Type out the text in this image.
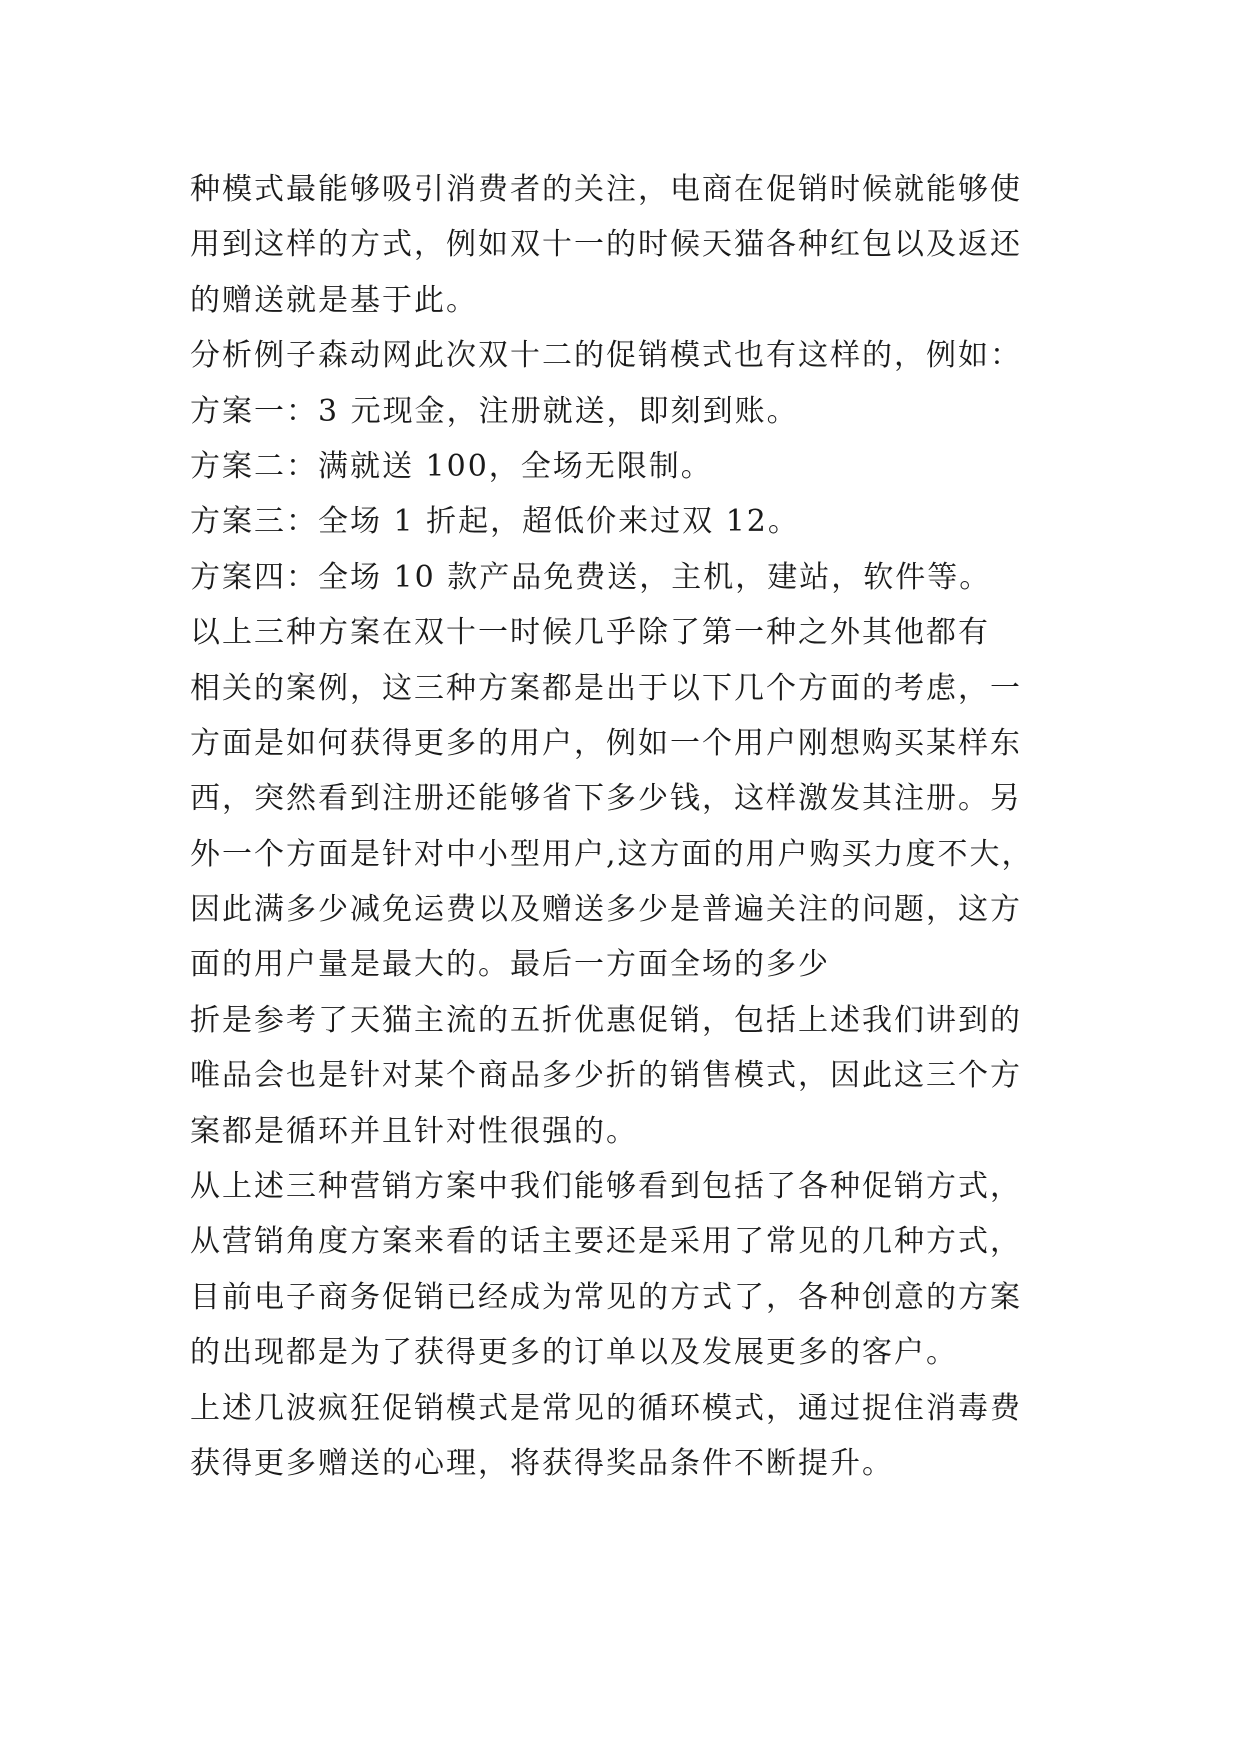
种模式最能够吸引消费者的关注，电商在促销时候就能够使
用到这样的方式，例如双十一的时候天猫各种红包以及返还
的赠送就是基于此。
分析例子森动网此次双十二的促销模式也有这样的，例如：
方案一：3 元现金，注册就送，即刻到账。
方案二：满就送 100，全场无限制。
方案三：全场 1 折起，超低价来过双 12。
方案四：全场 10 款产品免费送，主机，建站，软件等。
以上三种方案在双十一时候几乎除了第一种之外其他都有
相关的案例，这三种方案都是出于以下几个方面的考虑，一
方面是如何获得更多的用户，例如一个用户刚想购买某样东
西，突然看到注册还能够省下多少钱，这样激发其注册。另
外一个方面是针对中小型用户,这方面的用户购买力度不大，
因此满多少减免运费以及赠送多少是普遍关注的问题，这方
面的用户量是最大的。最后一方面全场的多少
折是参考了天猫主流的五折优惠促销，包括上述我们讲到的
唯品会也是针对某个商品多少折的销售模式，因此这三个方
案都是循环并且针对性很强的。
从上述三种营销方案中我们能够看到包括了各种促销方式，
从营销角度方案来看的话主要还是采用了常见的几种方式，
目前电子商务促销已经成为常见的方式了，各种创意的方案
的出现都是为了获得更多的订单以及发展更多的客户。
上述几波疯狂促销模式是常见的循环模式，通过捉住消毒费
获得更多赠送的心理，将获得奖品条件不断提升。
